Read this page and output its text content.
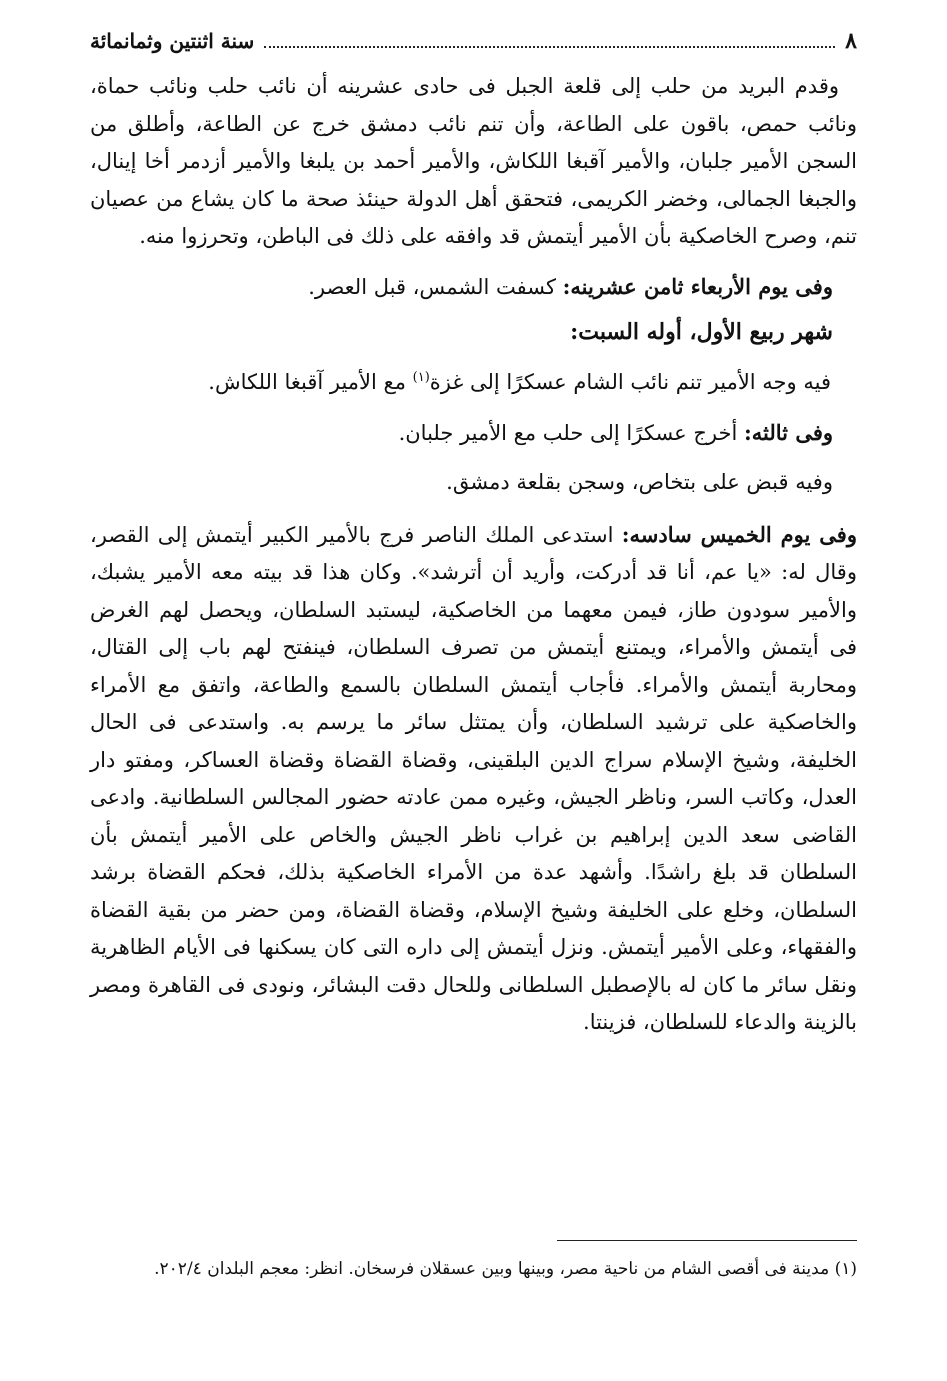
٨
سنة اثنتين وثمانمائة

وقدم البريد من حلب إلى قلعة الجبل فى حادى عشرينه أن نائب حلب ونائب حماة، ونائب حمص، باقون على الطاعة، وأن تنم نائب دمشق خرج عن الطاعة، وأطلق من السجن الأمير جلبان، والأمير آقبغا اللكاش، والأمير أحمد بن يلبغا والأمير أزدمر أخا إينال، والجبغا الجمالى، وخضر الكريمى، فتحقق أهل الدولة حينئذ صحة ما كان يشاع من عصيان تنم، وصرح الخاصكية بأن الأمير أيتمش قد وافقه على ذلك فى الباطن، وتحرزوا منه.

وفى يوم الأربعاء ثامن عشرينه: كسفت الشمس، قبل العصر.

شهر ربيع الأول، أوله السبت:

فيه وجه الأمير تنم نائب الشام عسكرًا إلى غزة$^{(١)}$ مع الأمير آقبغا اللكاش.

وفى ثالثه: أخرج عسكرًا إلى حلب مع الأمير جلبان.

وفيه قبض على بتخاص، وسجن بقلعة دمشق.

وفى يوم الخميس سادسه: استدعى الملك الناصر فرج بالأمير الكبير أيتمش إلى القصر، وقال له: «يا عم، أنا قد أدركت، وأريد أن أترشد». وكان هذا قد بيته معه الأمير يشبك، والأمير سودون طاز، فيمن معهما من الخاصكية، ليستبد السلطان، ويحصل لهم الغرض فى أيتمش والأمراء، ويمتنع أيتمش من تصرف السلطان، فينفتح لهم باب إلى القتال، ومحاربة أيتمش والأمراء. فأجاب أيتمش السلطان بالسمع والطاعة، واتفق مع الأمراء والخاصكية على ترشيد السلطان، وأن يمتثل سائر ما يرسم به. واستدعى فى الحال الخليفة، وشيخ الإسلام سراج الدين البلقينى، وقضاة القضاة وقضاة العساكر، ومفتو دار العدل، وكاتب السر، وناظر الجيش، وغيره ممن عادته حضور المجالس السلطانية. وادعى القاضى سعد الدين إبراهيم بن غراب ناظر الجيش والخاص على الأمير أيتمش بأن السلطان قد بلغ راشدًا. وأشهد عدة من الأمراء الخاصكية بذلك، فحكم القضاة برشد السلطان، وخلع على الخليفة وشيخ الإسلام، وقضاة القضاة، ومن حضر من بقية القضاة والفقهاء، وعلى الأمير أيتمش. ونزل أيتمش إلى داره التى كان يسكنها فى الأيام الظاهرية ونقل سائر ما كان له بالإصطبل السلطانى وللحال دقت البشائر، ونودى فى القاهرة ومصر بالزينة والدعاء للسلطان، فزينتا.

(١) مدينة فى أقصى الشام من ناحية مصر، وبينها وبين عسقلان فرسخان. انظر: معجم البلدان ٢٠٢/٤.
